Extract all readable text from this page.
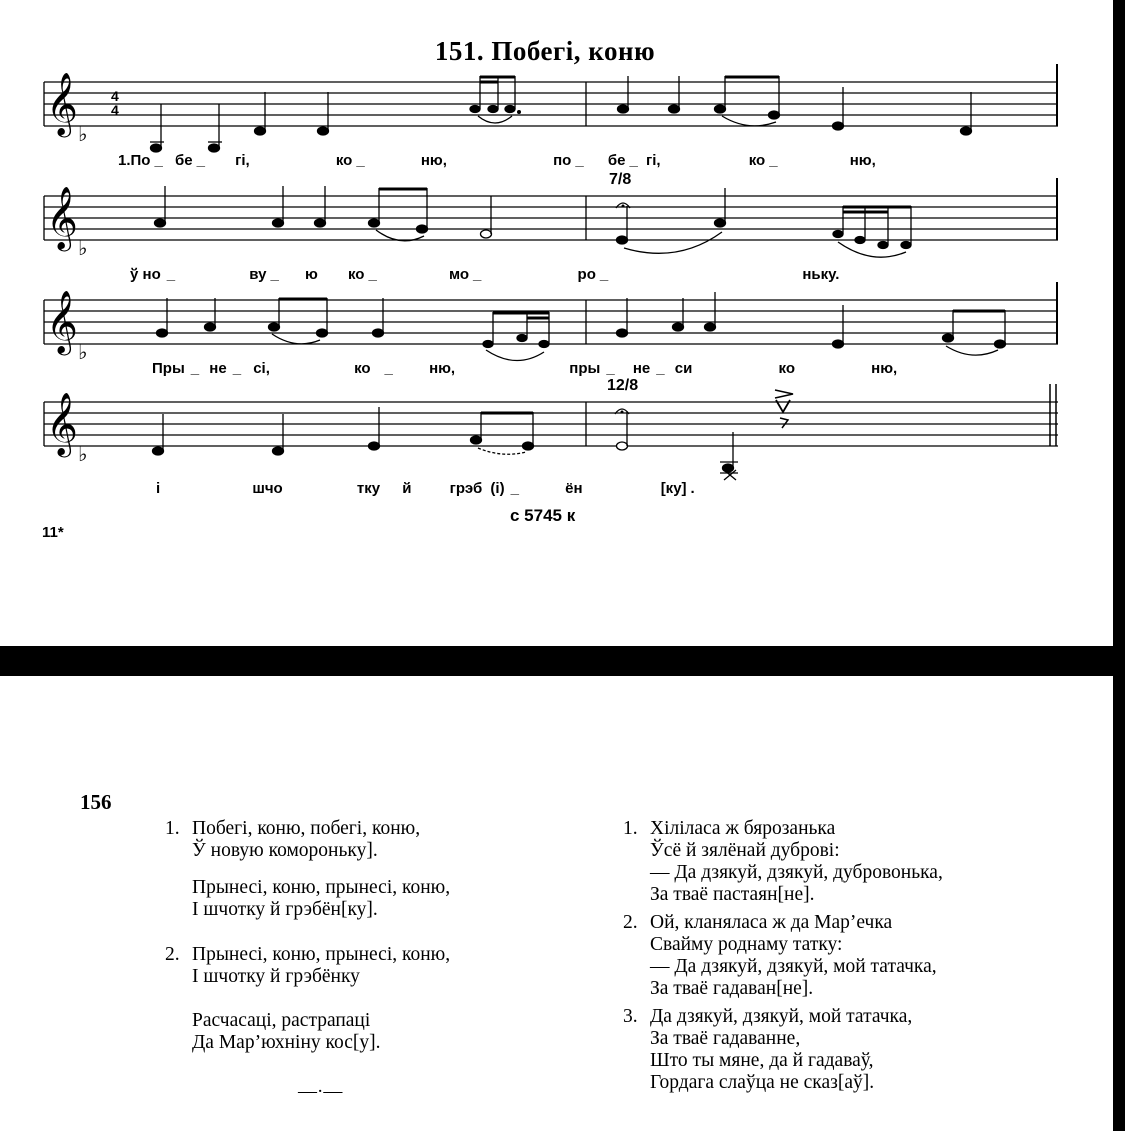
151. Побегі, коню
𝄞 ♭
4
4
1.По _ бе _ гі,	ко _	ню,	по _ бе _ гі,	ко _	ню,
𝄞 ♭
7/8
ў но _	ву _ ю ко _	мо _	ро _	ньку.
𝄞 ♭
Пры _ не _ сі,	ко _ ню,	пры _ не _ си	ко	ню,
𝄞 ♭
12/8
і	шчо	тку й	грэб (і) _	ён	[ку] .
с 5745 к
11*
156
1. Побегі, коню, побегі, коню,
Ў новую комороньку].
Прынесі, коню, прынесі, коню,
І шчотку й грэбён[ку].
2. Прынесі, коню, прынесі, коню,
І шчотку й грэбёнку
Расчасаці, растрапаці
Да Мар’юхніну кос[у].
—·—
1. Хіліласа ж бярозанька
Ўсё й зялёнай дуброві:
— Да дзякуй, дзякуй, дубровонька,
За тваё пастаян[не].
2. Ой, кланяласа ж да Мар’ечка
Свайму роднаму татку:
— Да дзякуй, дзякуй, мой татачка,
За тваё гадаван[не].
3. Да дзякуй, дзякуй, мой татачка,
За тваё гадаванне,
Што ты мяне, да й гадаваў,
Гордага слаўца не сказ[аў].
